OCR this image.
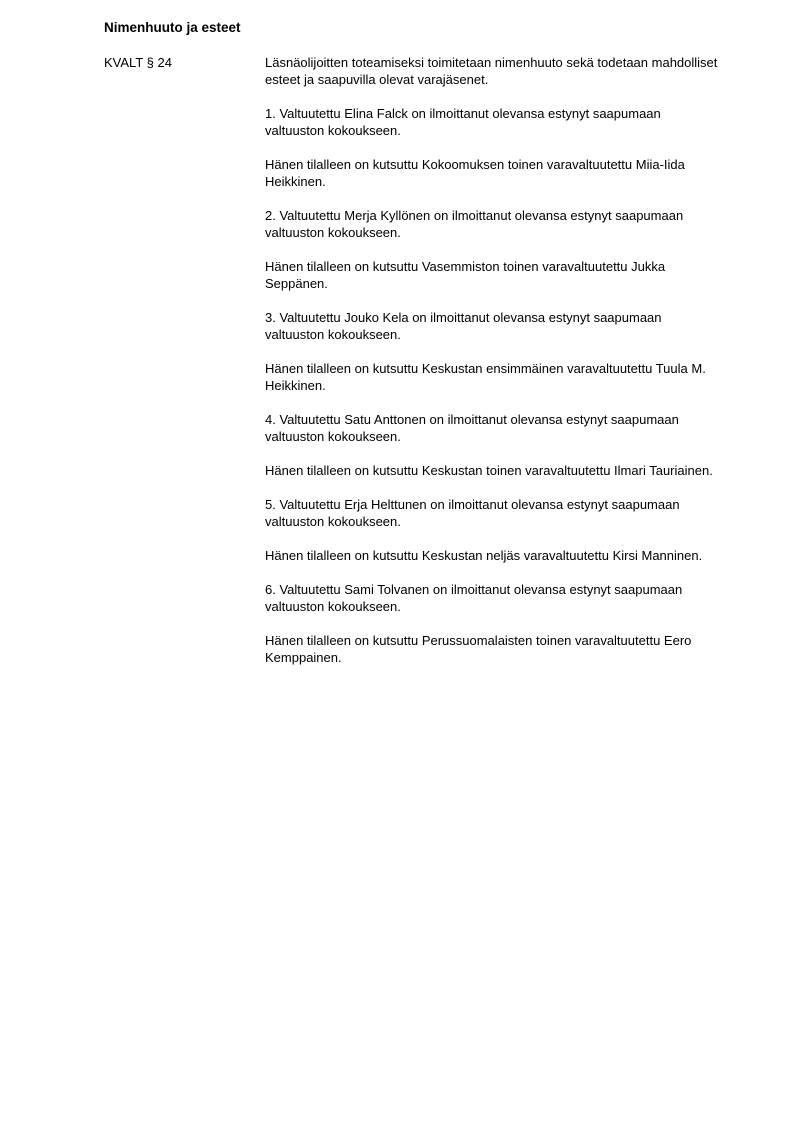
Nimenhuuto ja esteet
KVALT § 24	Läsnäolijoitten toteamiseksi toimitetaan nimenhuuto sekä todetaan mahdolliset esteet ja saapuvilla olevat varajäsenet.

1. Valtuutettu Elina Falck on ilmoittanut olevansa estynyt saapumaan valtuuston kokoukseen.

Hänen tilalleen on kutsuttu Kokoomuksen toinen varavaltuutettu Miia-Iida Heikkinen.

2. Valtuutettu Merja Kyllönen on ilmoittanut olevansa estynyt saapumaan valtuuston kokoukseen.

Hänen tilalleen on kutsuttu Vasemmiston toinen varavaltuutettu Jukka Seppänen.

3. Valtuutettu Jouko Kela on ilmoittanut olevansa estynyt saapumaan valtuuston kokoukseen.

Hänen tilalleen on kutsuttu Keskustan ensimmäinen varavaltuutettu Tuula M. Heikkinen.

4. Valtuutettu Satu Anttonen on ilmoittanut olevansa estynyt saapumaan valtuuston kokoukseen.

Hänen tilalleen on kutsuttu Keskustan toinen varavaltuutettu Ilmari Tauriainen.

5. Valtuutettu Erja Helttunen on ilmoittanut olevansa estynyt saapumaan valtuuston kokoukseen.

Hänen tilalleen on kutsuttu Keskustan neljäs varavaltuutettu Kirsi Manninen.

6. Valtuutettu Sami Tolvanen on ilmoittanut olevansa estynyt saapumaan valtuuston kokoukseen.

Hänen tilalleen on kutsuttu Perussuomalaisten toinen varavaltuutettu Eero Kemppainen.
